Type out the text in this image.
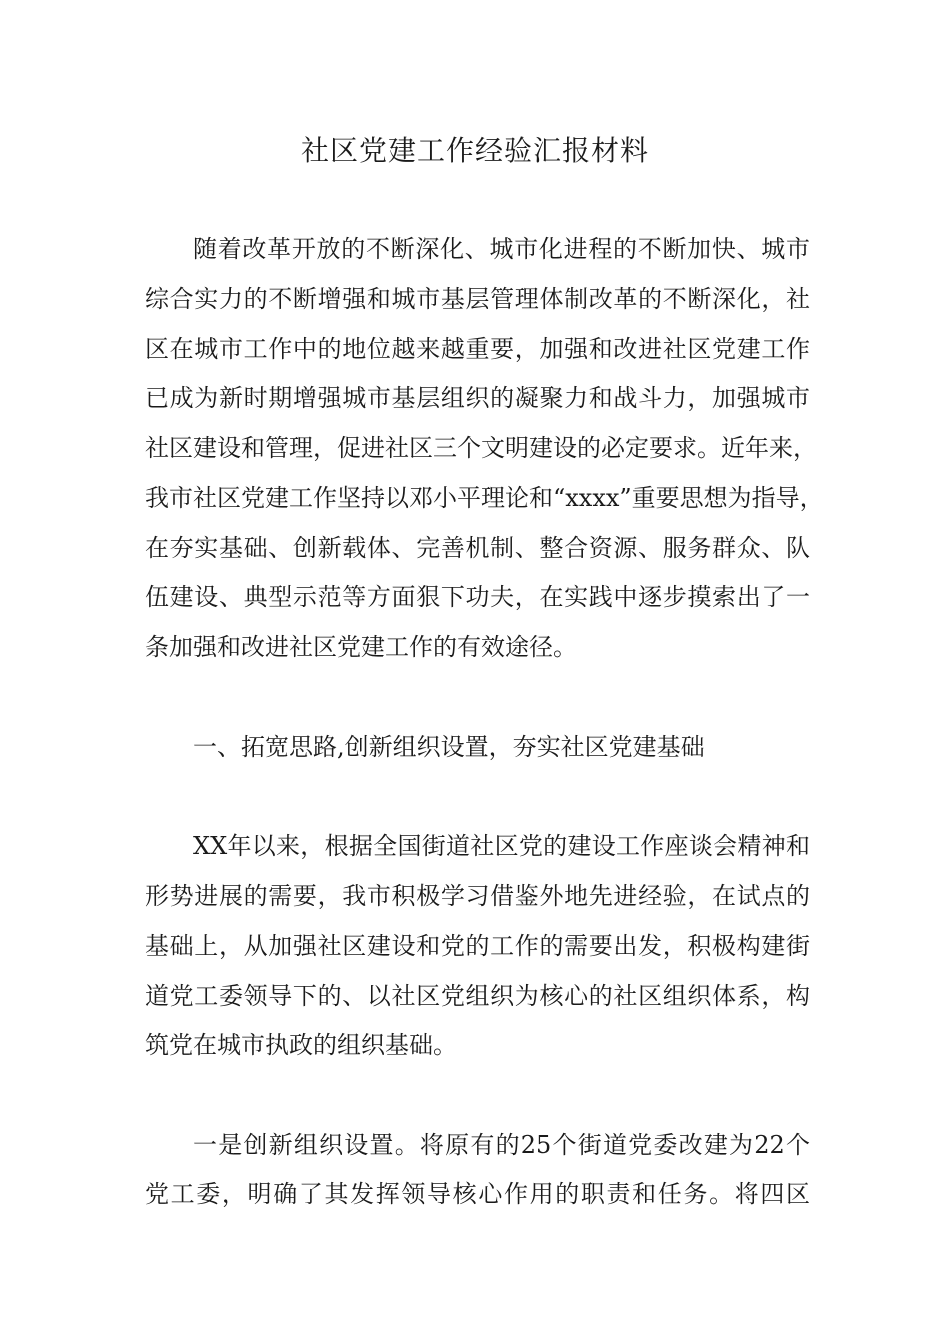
社区党建工作经验汇报材料
随着改革开放的不断深化、城市化进程的不断加快、城市
综合实力的不断增强和城市基层管理体制改革的不断深化，社
区在城市工作中的地位越来越重要，加强和改进社区党建工作
已成为新时期增强城市基层组织的凝聚力和战斗力，加强城市
社区建设和管理，促进社区三个文明建设的必定要求。近年来，
我市社区党建工作坚持以邓小平理论和“xxxx”重要思想为指导，
在夯实基础、创新载体、完善机制、整合资源、服务群众、队
伍建设、典型示范等方面狠下功夫，在实践中逐步摸索出了一
条加强和改进社区党建工作的有效途径。
一、拓宽思路,创新组织设置，夯实社区党建基础
XX年以来，根据全国街道社区党的建设工作座谈会精神和
形势进展的需要，我市积极学习借鉴外地先进经验，在试点的
基础上，从加强社区建设和党的工作的需要出发，积极构建街
道党工委领导下的、以社区党组织为核心的社区组织体系，构
筑党在城市执政的组织基础。
一是创新组织设置。将原有的25个街道党委改建为22个
党工委，明确了其发挥领导核心作用的职责和任务。将四区
